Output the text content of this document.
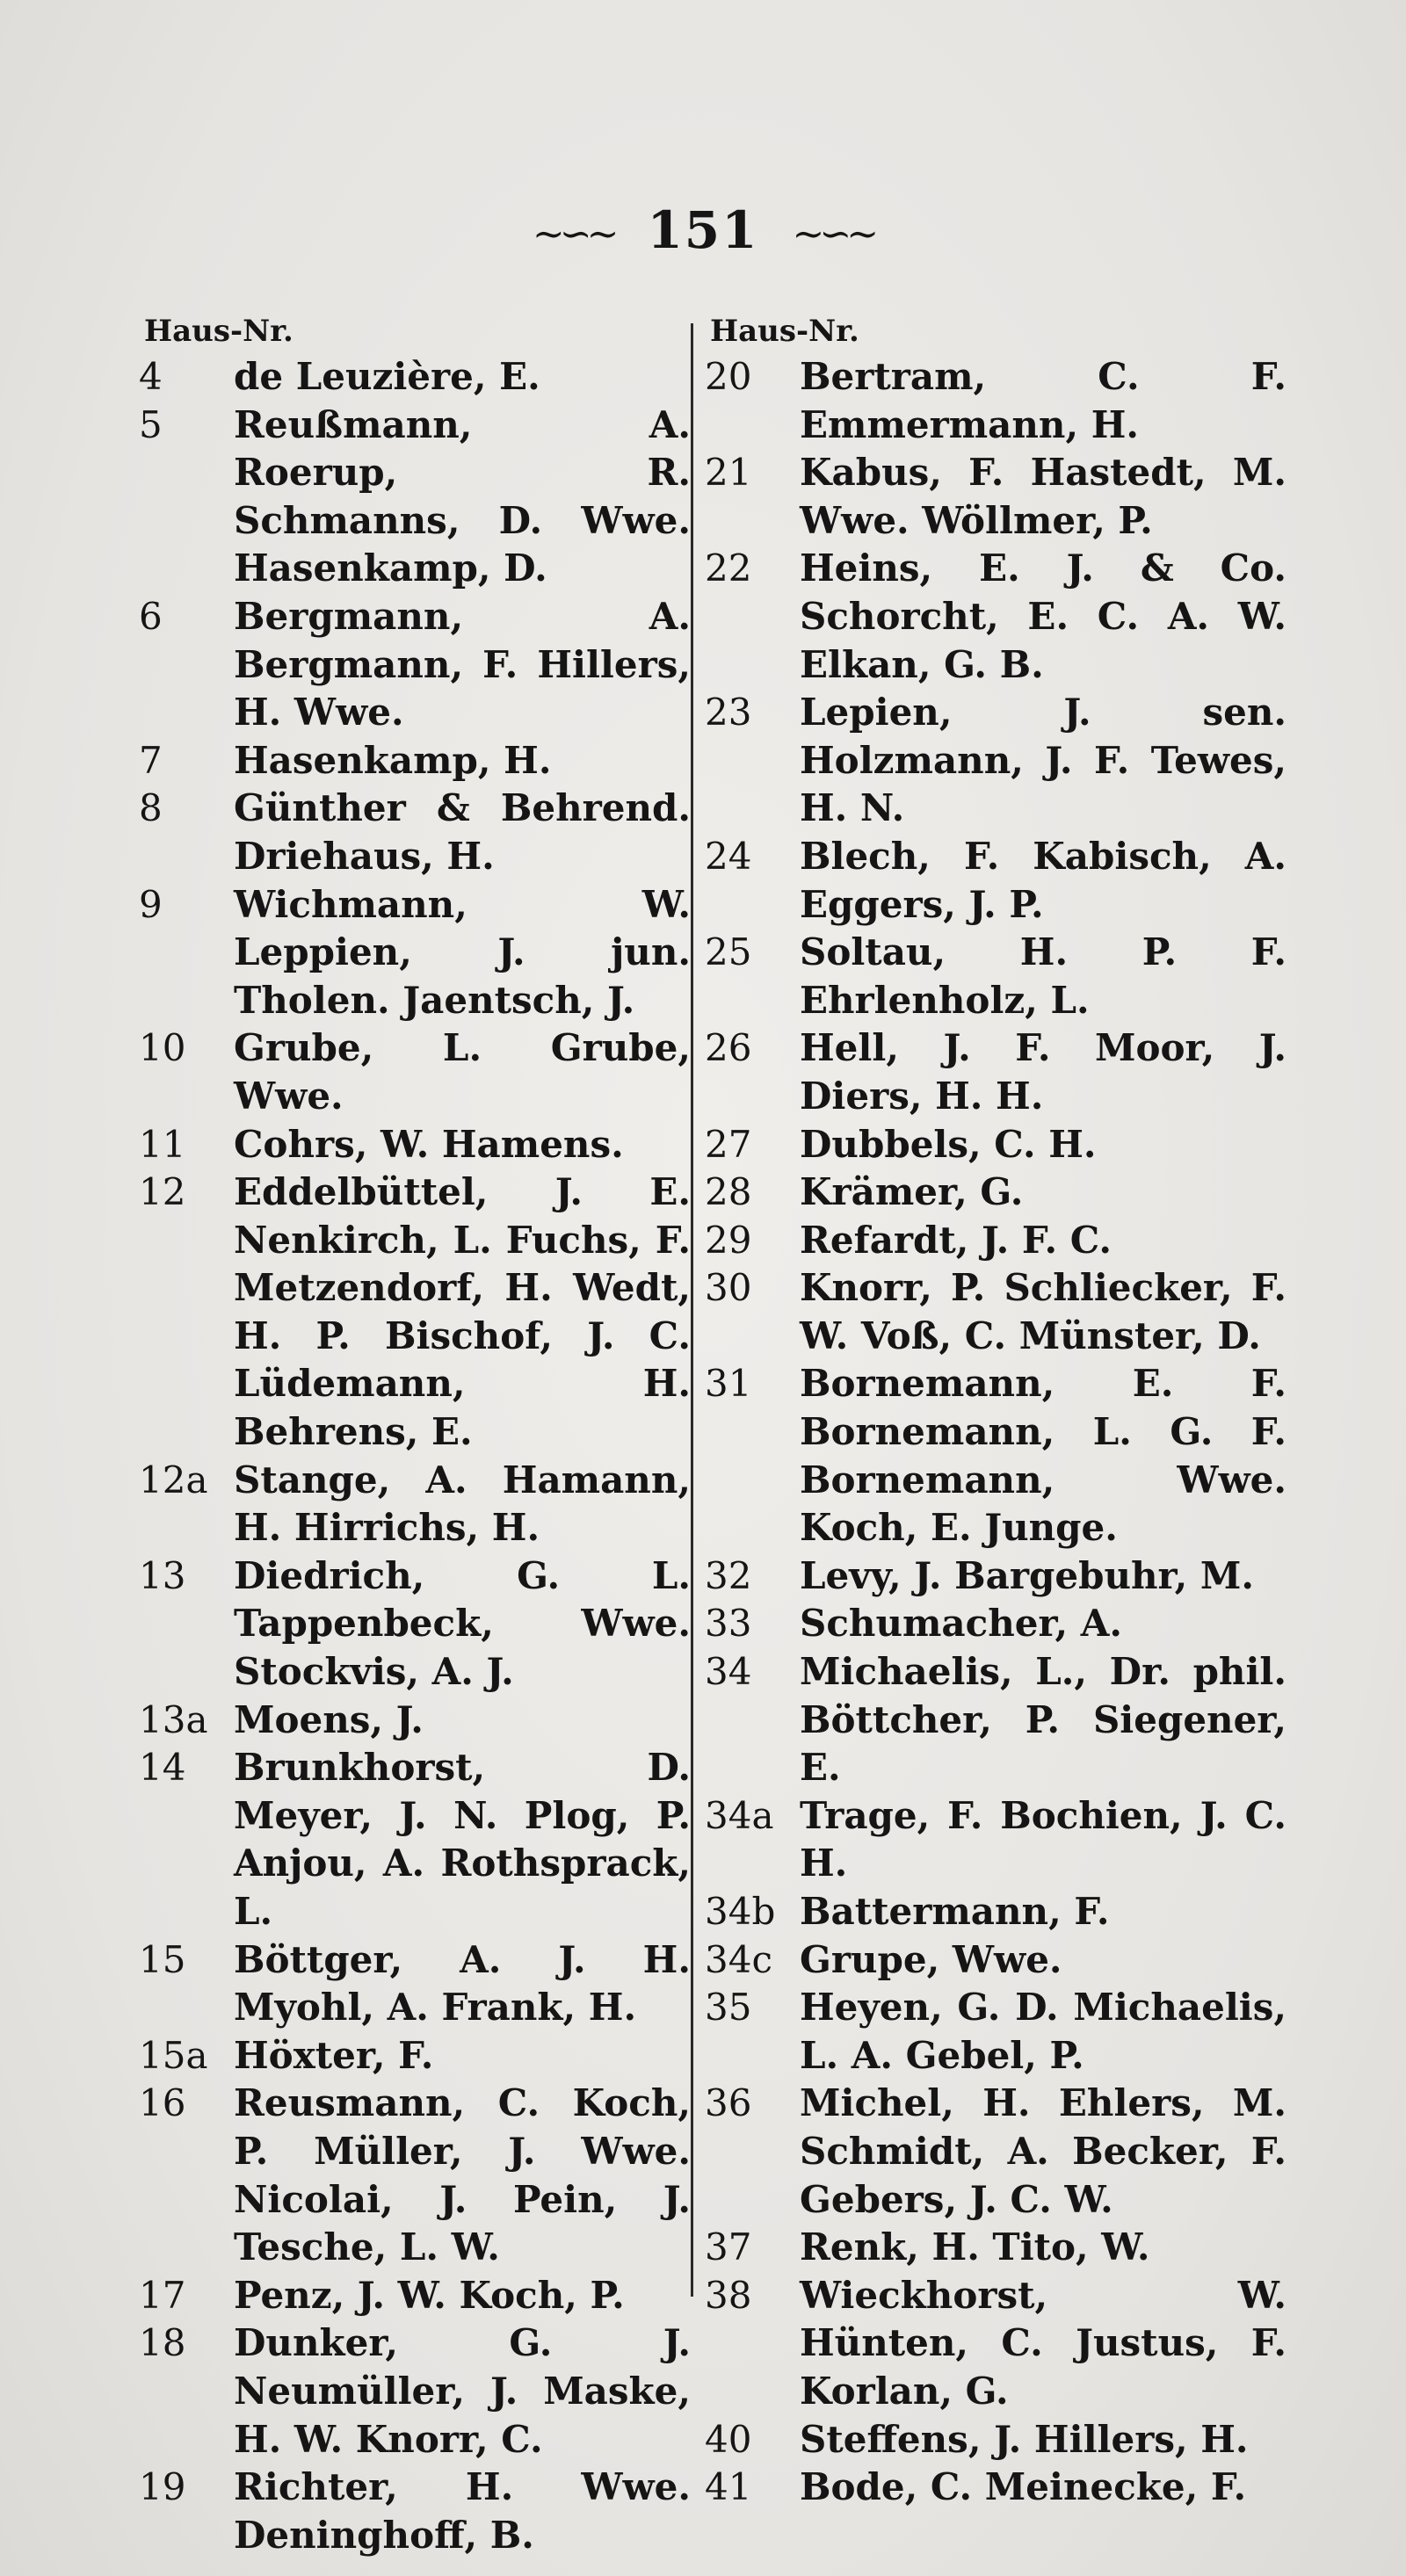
~∽~ 151 ~∽~
Haus-Nr.
4	de Leuzière, E.
5	Reußmann, A. Roerup, R. Schmanns, D. Wwe. Hasenkamp, D.
6	Bergmann, A. Bergmann, F. Hillers, H. Wwe.
7	Hasenkamp, H.
8	Günther & Behrend. Driehaus, H.
9	Wichmann, W. Leppien, J. jun. Tholen. Jaentsch, J.
10	Grube, L. Grube, Wwe.
11	Cohrs, W. Hamens.
12	Eddelbüttel, J. E. Nenkirch, L. Fuchs, F. Metzendorf, H. Wedt, H. P. Bischof, J. C. Lüdemann, H. Behrens, E.
12a Stange, A. Hamann, H. Hirrichs, H.
13	Diedrich, G. L. Tappenbeck, Wwe. Stockvis, A. J.
13a Moens, J.
14	Brunkhorst, D. Meyer, J. N. Plog, P. Anjou, A. Rothsprack, L.
15	Böttger, A. J. H. Myohl, A. Frank, H.
15a Höxter, F.
16	Reusmann, C. Koch, P. Müller, J. Wwe. Nicolai, J. Pein, J. Tesche, L. W.
17	Penz, J. W. Koch, P.
18	Dunker, G. J. Neumüller, J. Maske, H. W. Knorr, C.
19	Richter, H. Wwe. Deninghoff, B.
Haus-Nr.
20	Bertram, C. F. Emmermann, H.
21	Kabus, F. Hastedt, M. Wwe. Wöllmer, P.
22	Heins, E. J. & Co. Schorcht, E. C. A. W. Elkan, G. B.
23	Lepien, J. sen. Holzmann, J. F. Tewes, H. N.
24	Blech, F. Kabisch, A. Eggers, J. P.
25	Soltau, H. P. F. Ehrlenholz, L.
26	Hell, J. F. Moor, J. Diers, H. H.
27	Dubbels, C. H.
28	Krämer, G.
29	Refardt, J. F. C.
30	Knorr, P. Schliecker, F. W. Voß, C. Münster, D.
31	Bornemann, E. F. Bornemann, L. G. F. Bornemann, Wwe. Koch, E. Junge.
32	Levy, J. Bargebuhr, M.
33	Schumacher, A.
34	Michaelis, L., Dr. phil. Böttcher, P. Siegener, E.
34a Trage, F. Bochien, J. C. H.
34b Battermann, F.
34c Grupe, Wwe.
35	Heyen, G. D. Michaelis, L. A. Gebel, P.
36	Michel, H. Ehlers, M. Schmidt, A. Becker, F. Gebers, J. C. W.
37	Renk, H. Tito, W.
38	Wieckhorst, W. Hünten, C. Justus, F. Korlan, G.
40	Steffens, J. Hillers, H.
41	Bode, C. Meinecke, F.
